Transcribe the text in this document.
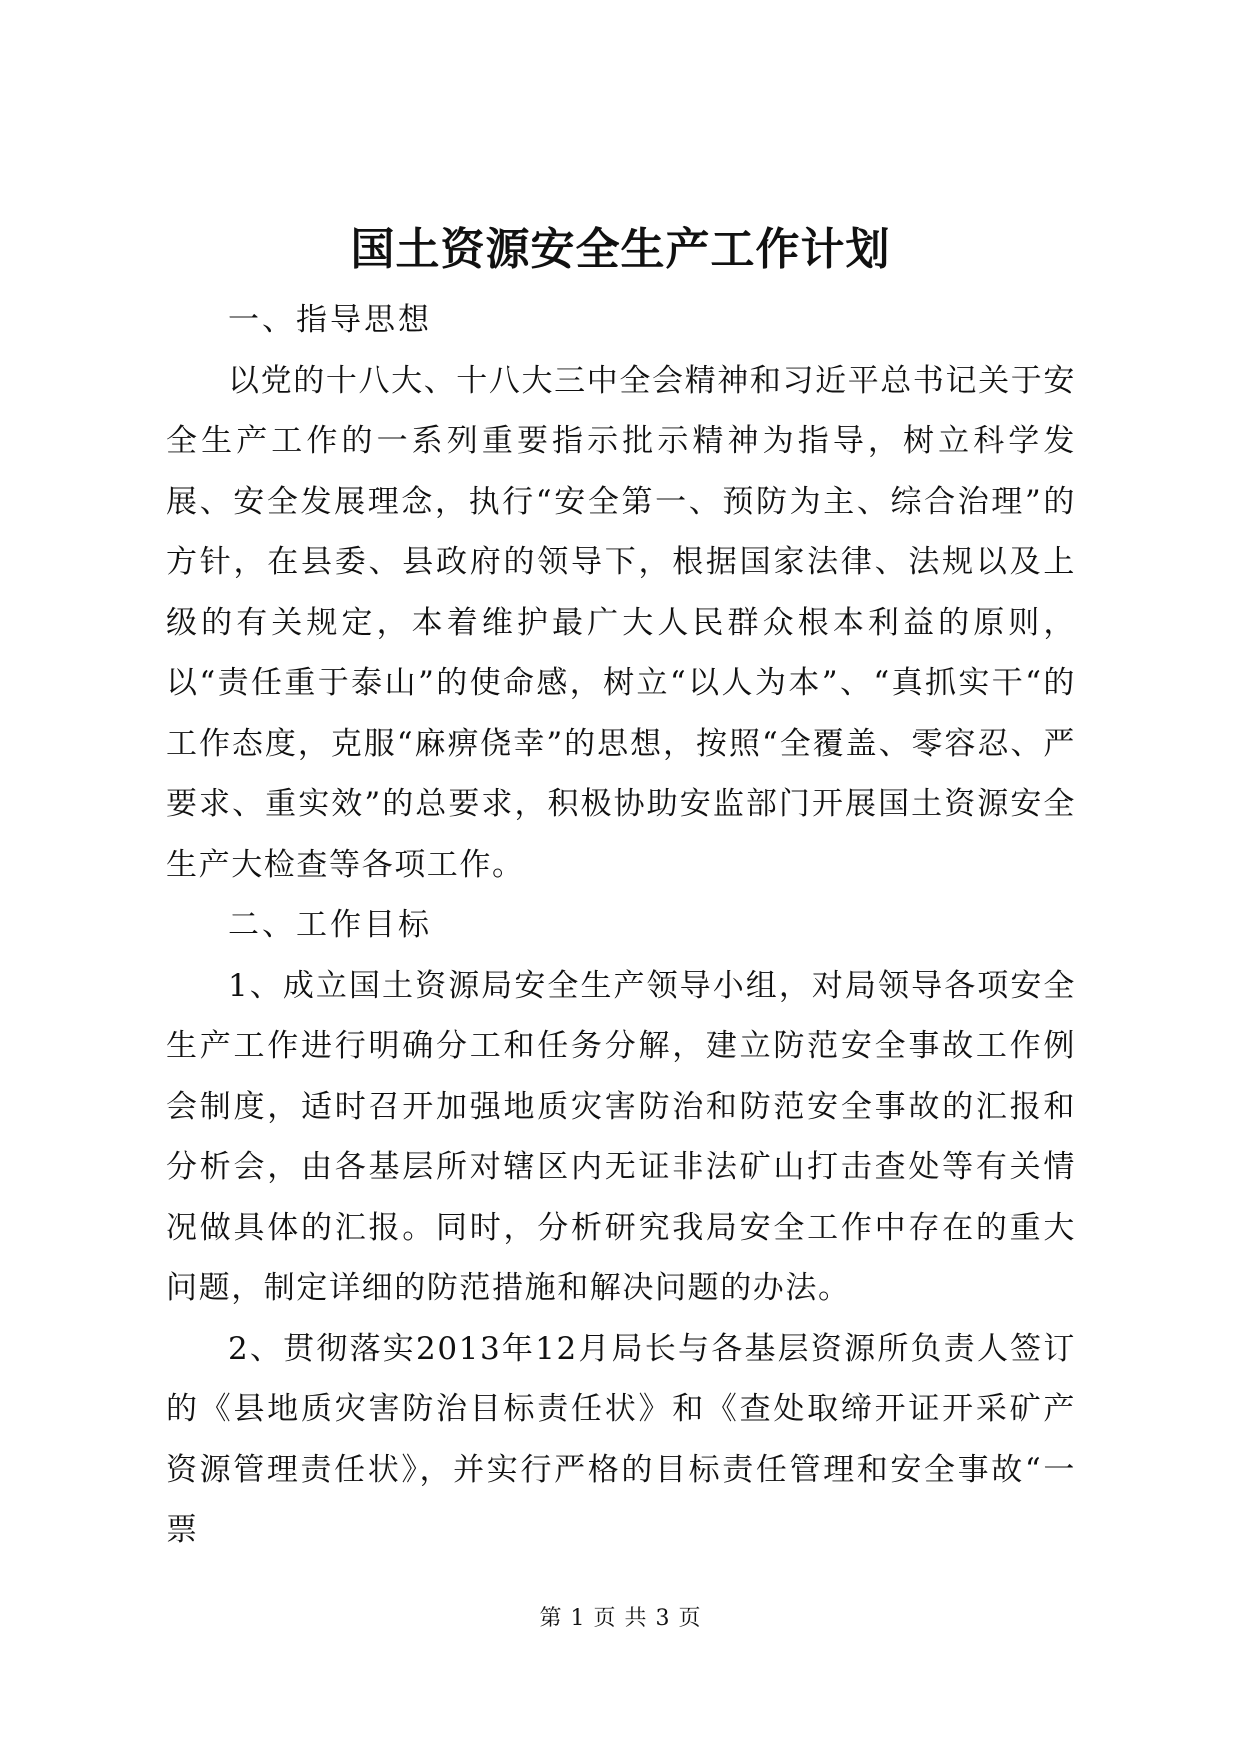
国土资源安全生产工作计划

一、指导思想

以党的十八大、十八大三中全会精神和习近平总书记关于安全生产工作的一系列重要指示批示精神为指导，树立科学发展、安全发展理念，执行“安全第一、预防为主、综合治理”的方针，在县委、县政府的领导下，根据国家法律、法规以及上级的有关规定，本着维护最广大人民群众根本利益的原则，以“责任重于泰山”的使命感，树立“以人为本”、“真抓实干“的工作态度，克服“麻痹侥幸”的思想，按照“全覆盖、零容忍、严要求、重实效”的总要求，积极协助安监部门开展国土资源安全生产大检查等各项工作。

二、工作目标

1、成立国土资源局安全生产领导小组，对局领导各项安全生产工作进行明确分工和任务分解，建立防范安全事故工作例会制度，适时召开加强地质灾害防治和防范安全事故的汇报和分析会，由各基层所对辖区内无证非法矿山打击查处等有关情况做具体的汇报。同时，分析研究我局安全工作中存在的重大问题，制定详细的防范措施和解决问题的办法。

2、贯彻落实2013年12月局长与各基层资源所负责人签订的《县地质灾害防治目标责任状》和《查处取缔开证开采矿产资源管理责任状》，并实行严格的目标责任管理和安全事故“一票

第 1 页 共 3 页
